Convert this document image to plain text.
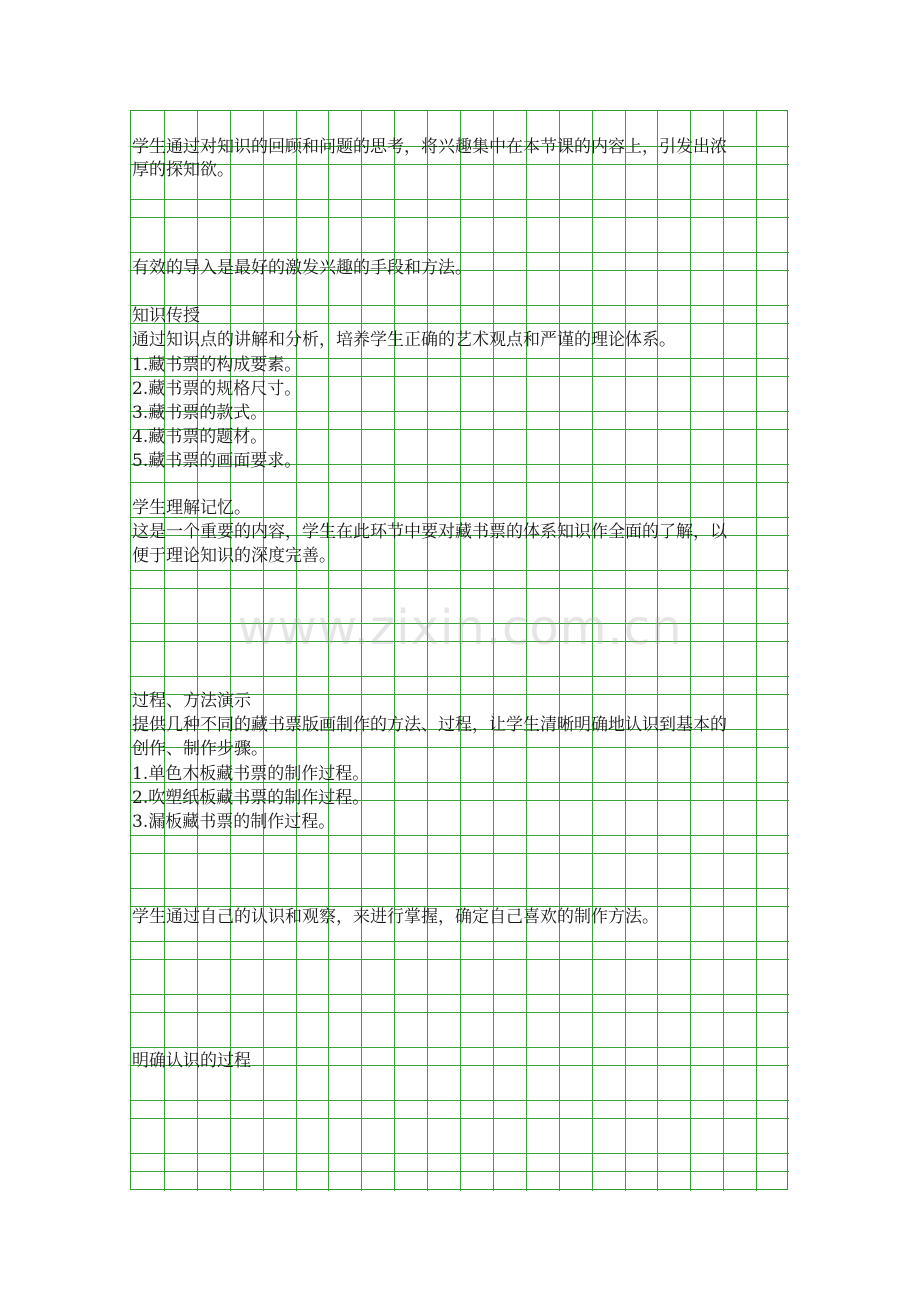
学生通过对知识的回顾和问题的思考，将兴趣集中在本节课的内容上，引发出浓
厚的探知欲。
有效的导入是最好的激发兴趣的手段和方法。
知识传授
通过知识点的讲解和分析，培养学生正确的艺术观点和严谨的理论体系。
1.藏书票的构成要素。
2.藏书票的规格尺寸。
3.藏书票的款式。
4.藏书票的题材。
5.藏书票的画面要求。
学生理解记忆。
这是一个重要的内容，学生在此环节中要对藏书票的体系知识作全面的了解，以
便于理论知识的深度完善。
过程、方法演示
提供几种不同的藏书票版画制作的方法、过程，让学生清晰明确地认识到基本的
创作、制作步骤。
1.单色木板藏书票的制作过程。
2.吹塑纸板藏书票的制作过程。
3.漏板藏书票的制作过程。
学生通过自己的认识和观察，来进行掌握，确定自己喜欢的制作方法。
明确认识的过程
www.zixin.com.cn
